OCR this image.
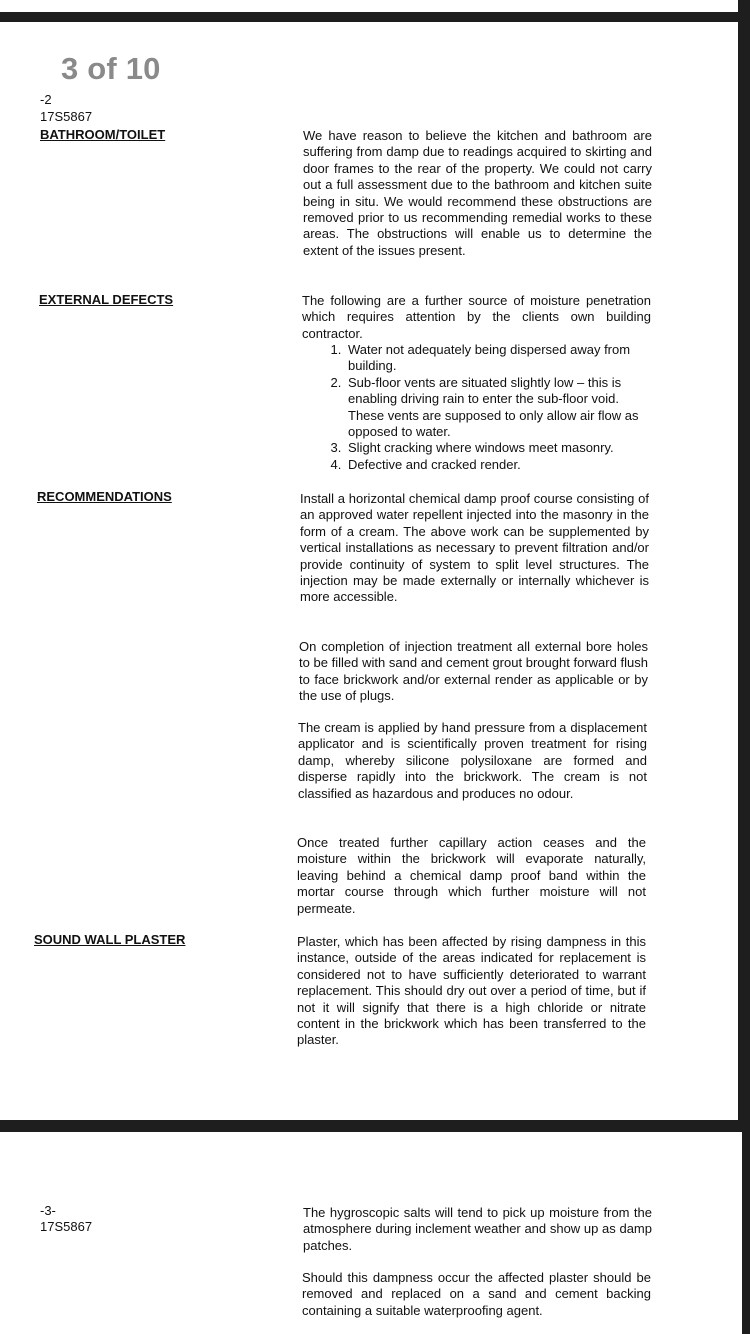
3 of 10
-2
17S5867
BATHROOM/TOILET	We have reason to believe the kitchen and bathroom are suffering from damp due to readings acquired to skirting and door frames to the rear of the property. We could not carry out a full assessment due to the bathroom and kitchen suite being in situ. We would recommend these obstructions are removed prior to us recommending remedial works to these areas. The obstructions will enable us to determine the extent of the issues present.

EXTERNAL DEFECTS	The following are a further source of moisture penetration which requires attention by the clients own building contractor.

1. Water not adequately being dispersed away from building.
2. Sub-floor vents are situated slightly low – this is enabling driving rain to enter the sub-floor void. These vents are supposed to only allow air flow as opposed to water.
3. Slight cracking where windows meet masonry.
4. Defective and cracked render.
RECOMMENDATIONS	Install a horizontal chemical damp proof course consisting of an approved water repellent injected into the masonry in the form of a cream. The above work can be supplemented by vertical installations as necessary to prevent filtration and/or provide continuity of system to split level structures. The injection may be made externally or internally whichever is more accessible.

On completion of injection treatment all external bore holes to be filled with sand and cement grout brought forward flush to face brickwork and/or external render as applicable or by the use of plugs.

The cream is applied by hand pressure from a displacement applicator and is scientifically proven treatment for rising damp, whereby silicone polysiloxane are formed and disperse rapidly into the brickwork. The cream is not classified as hazardous and produces no odour.

Once treated further capillary action ceases and the moisture within the brickwork will evaporate naturally, leaving behind a chemical damp proof band within the mortar course through which further moisture will not permeate.

SOUND WALL PLASTER	Plaster, which has been affected by rising dampness in this instance, outside of the areas indicated for replacement is considered not to have sufficiently deteriorated to warrant replacement. This should dry out over a period of time, but if not it will signify that there is a high chloride or nitrate content in the brickwork which has been transferred to the plaster.

-3-
17S5867

The hygroscopic salts will tend to pick up moisture from the atmosphere during inclement weather and show up as damp patches.

Should this dampness occur the affected plaster should be removed and replaced on a sand and cement backing containing a suitable waterproofing agent.
